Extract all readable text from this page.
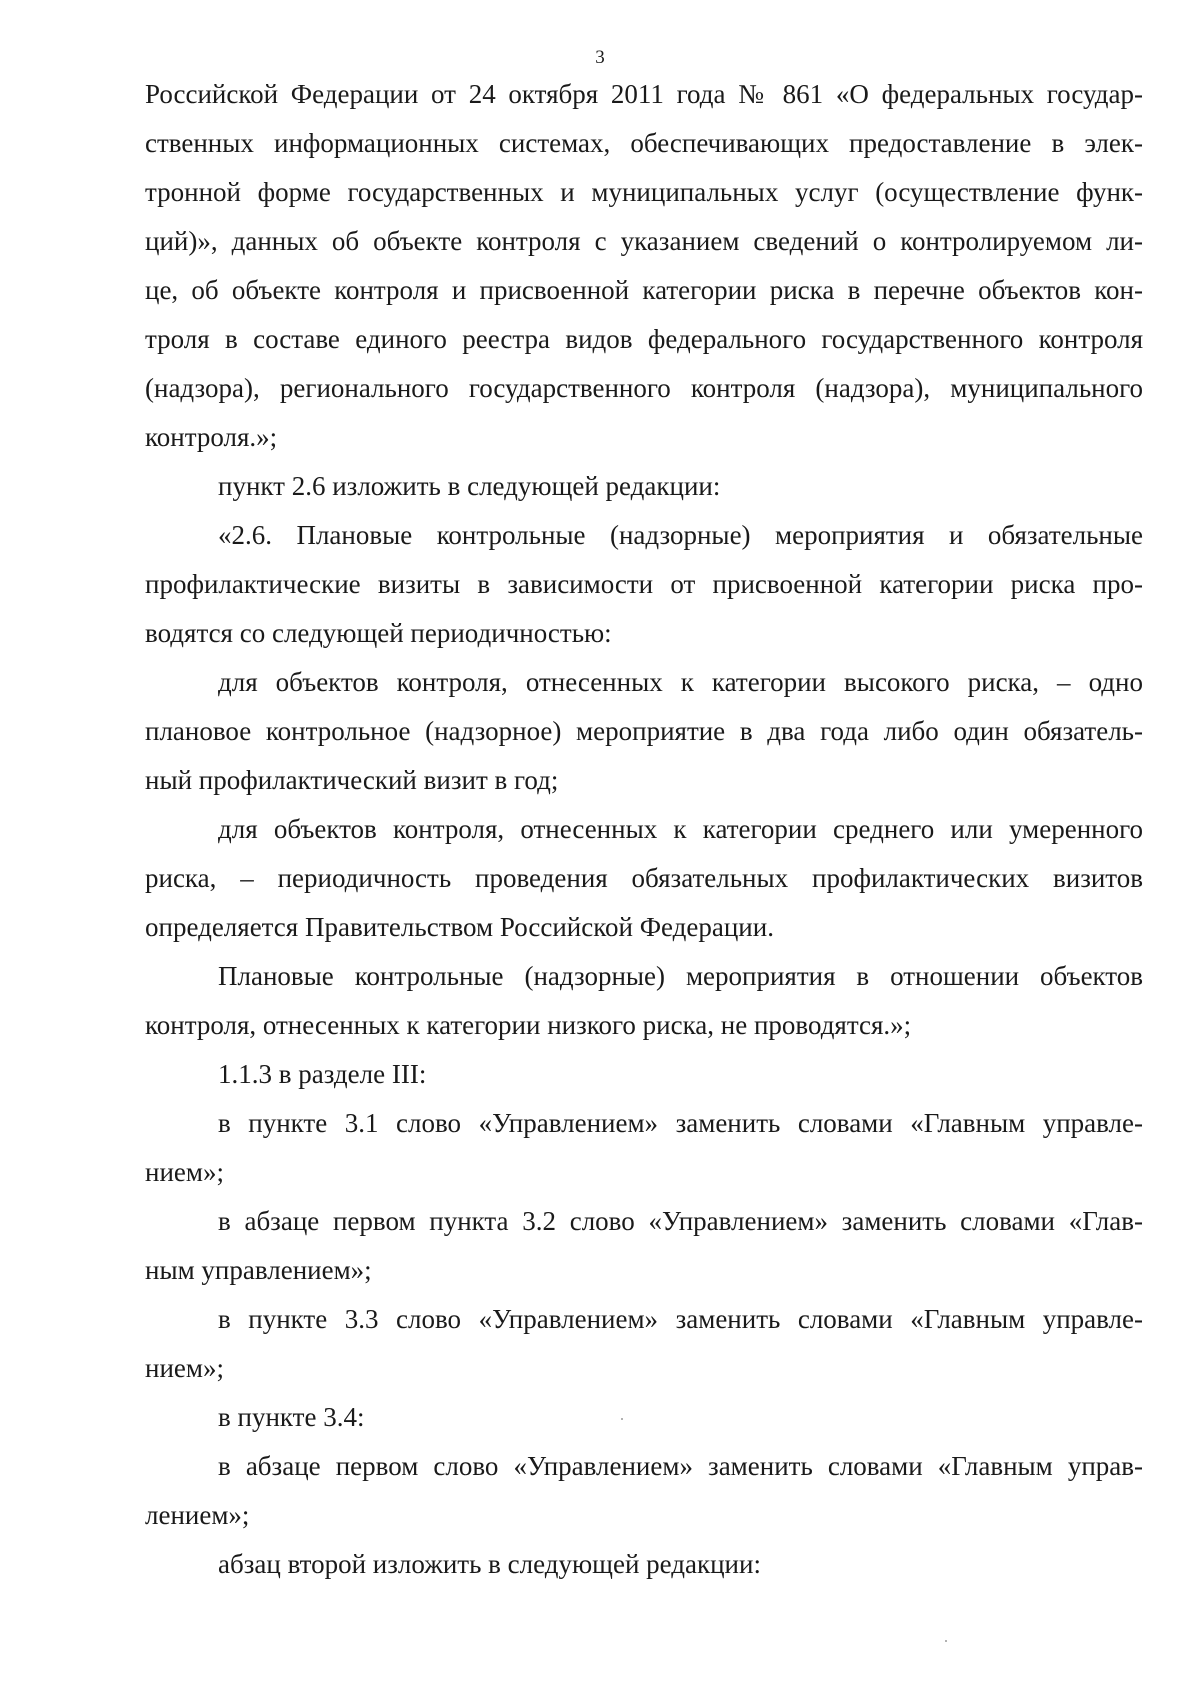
3
Российской Федерации от 24 октября 2011 года № 861 «О федеральных государ-
ственных информационных системах, обеспечивающих предоставление в элек-
тронной форме государственных и муниципальных услуг (осуществление функ-
ций)», данных об объекте контроля с указанием сведений о контролируемом ли-
це, об объекте контроля и присвоенной категории риска в перечне объектов кон-
троля в составе единого реестра видов федерального государственного контроля
(надзора), регионального государственного контроля (надзора), муниципального
контроля.»;
пункт 2.6 изложить в следующей редакции:
«2.6. Плановые контрольные (надзорные) мероприятия и обязательные
профилактические визиты в зависимости от присвоенной категории риска про-
водятся со следующей периодичностью:
для объектов контроля, отнесенных к категории высокого риска, – одно
плановое контрольное (надзорное) мероприятие в два года либо один обязатель-
ный профилактический визит в год;
для объектов контроля, отнесенных к категории среднего или умеренного
риска, – периодичность проведения обязательных профилактических визитов
определяется Правительством Российской Федерации.
Плановые контрольные (надзорные) мероприятия в отношении объектов
контроля, отнесенных к категории низкого риска, не проводятся.»;
1.1.3 в разделе III:
в пункте 3.1 слово «Управлением» заменить словами «Главным управле-
нием»;
в абзаце первом пункта 3.2 слово «Управлением» заменить словами «Глав-
ным управлением»;
в пункте 3.3 слово «Управлением» заменить словами «Главным управле-
нием»;
в пункте 3.4:
в абзаце первом слово «Управлением» заменить словами «Главным управ-
лением»;
абзац второй изложить в следующей редакции:
